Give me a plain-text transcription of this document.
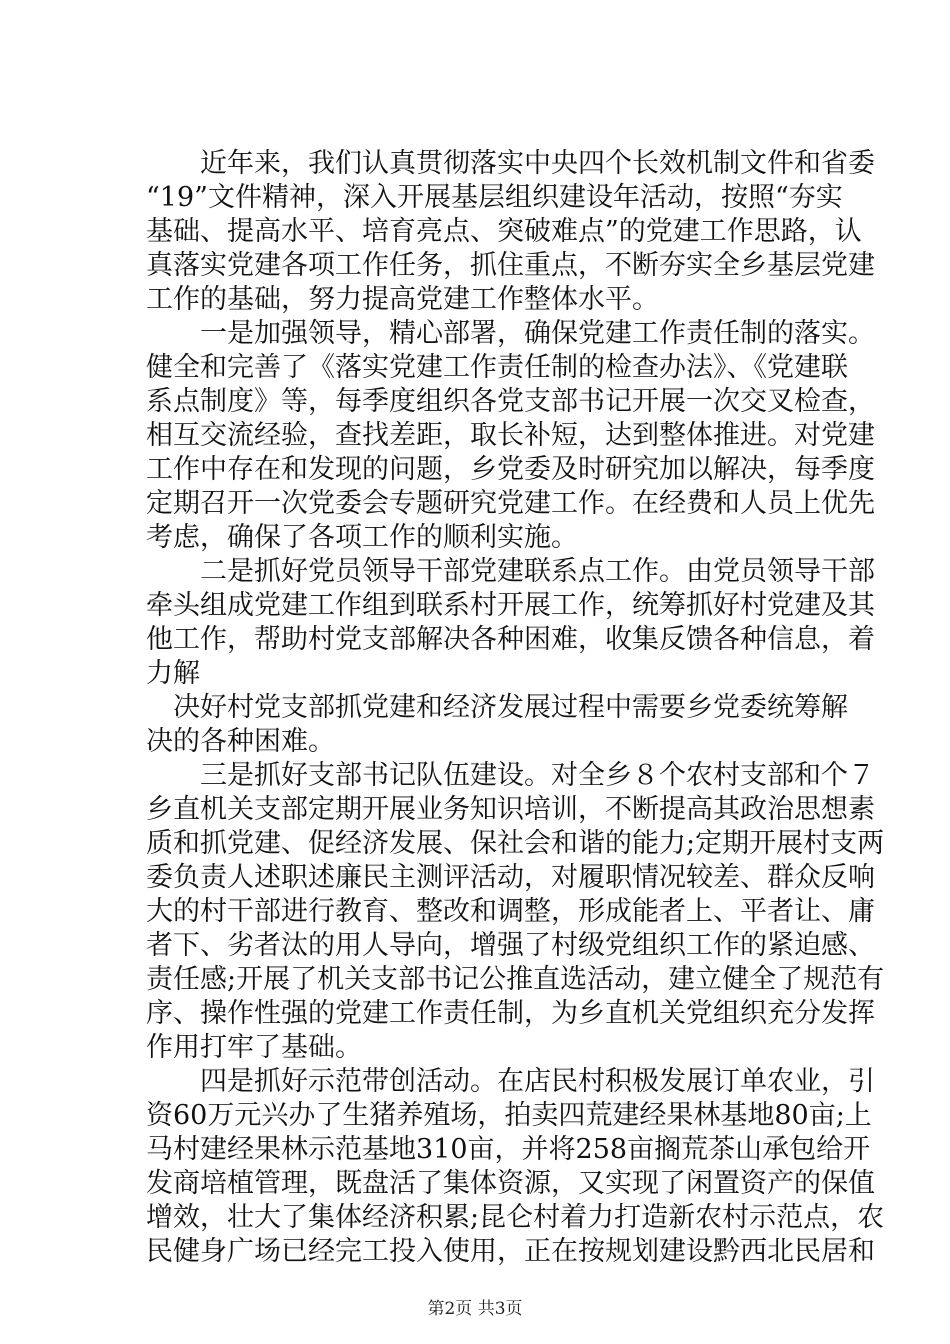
　　近年来，我们认真贯彻落实中央四个长效机制文件和省委
“19”文件精神，深入开展基层组织建设年活动，按照“夯实
基础、提高水平、培育亮点、突破难点”的党建工作思路，认
真落实党建各项工作任务，抓住重点，不断夯实全乡基层党建
工作的基础，努力提高党建工作整体水平。
　　一是加强领导，精心部署，确保党建工作责任制的落实。
健全和完善了《落实党建工作责任制的检查办法》、《党建联
系点制度》等，每季度组织各党支部书记开展一次交叉检查，
相互交流经验，查找差距，取长补短，达到整体推进。对党建
工作中存在和发现的问题，乡党委及时研究加以解决，每季度
定期召开一次党委会专题研究党建工作。在经费和人员上优先
考虑，确保了各项工作的顺利实施。
　　二是抓好党员领导干部党建联系点工作。由党员领导干部
牵头组成党建工作组到联系村开展工作，统筹抓好村党建及其
他工作，帮助村党支部解决各种困难，收集反馈各种信息，着
力解
　决好村党支部抓党建和经济发展过程中需要乡党委统筹解
决的各种困难。
　　三是抓好支部书记队伍建设。对全乡８个农村支部和个７
乡直机关支部定期开展业务知识培训，不断提高其政治思想素
质和抓党建、促经济发展、保社会和谐的能力;定期开展村支两
委负责人述职述廉民主测评活动，对履职情况较差、群众反响
大的村干部进行教育、整改和调整，形成能者上、平者让、庸
者下、劣者汰的用人导向，增强了村级党组织工作的紧迫感、
责任感;开展了机关支部书记公推直选活动，建立健全了规范有
序、操作性强的党建工作责任制，为乡直机关党组织充分发挥
作用打牢了基础。
　　四是抓好示范带创活动。在店民村积极发展订单农业，引
资60万元兴办了生猪养殖场，拍卖四荒建经果林基地80亩;上
马村建经果林示范基地310亩，并将258亩搁荒茶山承包给开
发商培植管理，既盘活了集体资源，又实现了闲置资产的保值
增效，壮大了集体经济积累;昆仑村着力打造新农村示范点，农
民健身广场已经完工投入使用，正在按规划建设黔西北民居和
第2页 共3页
